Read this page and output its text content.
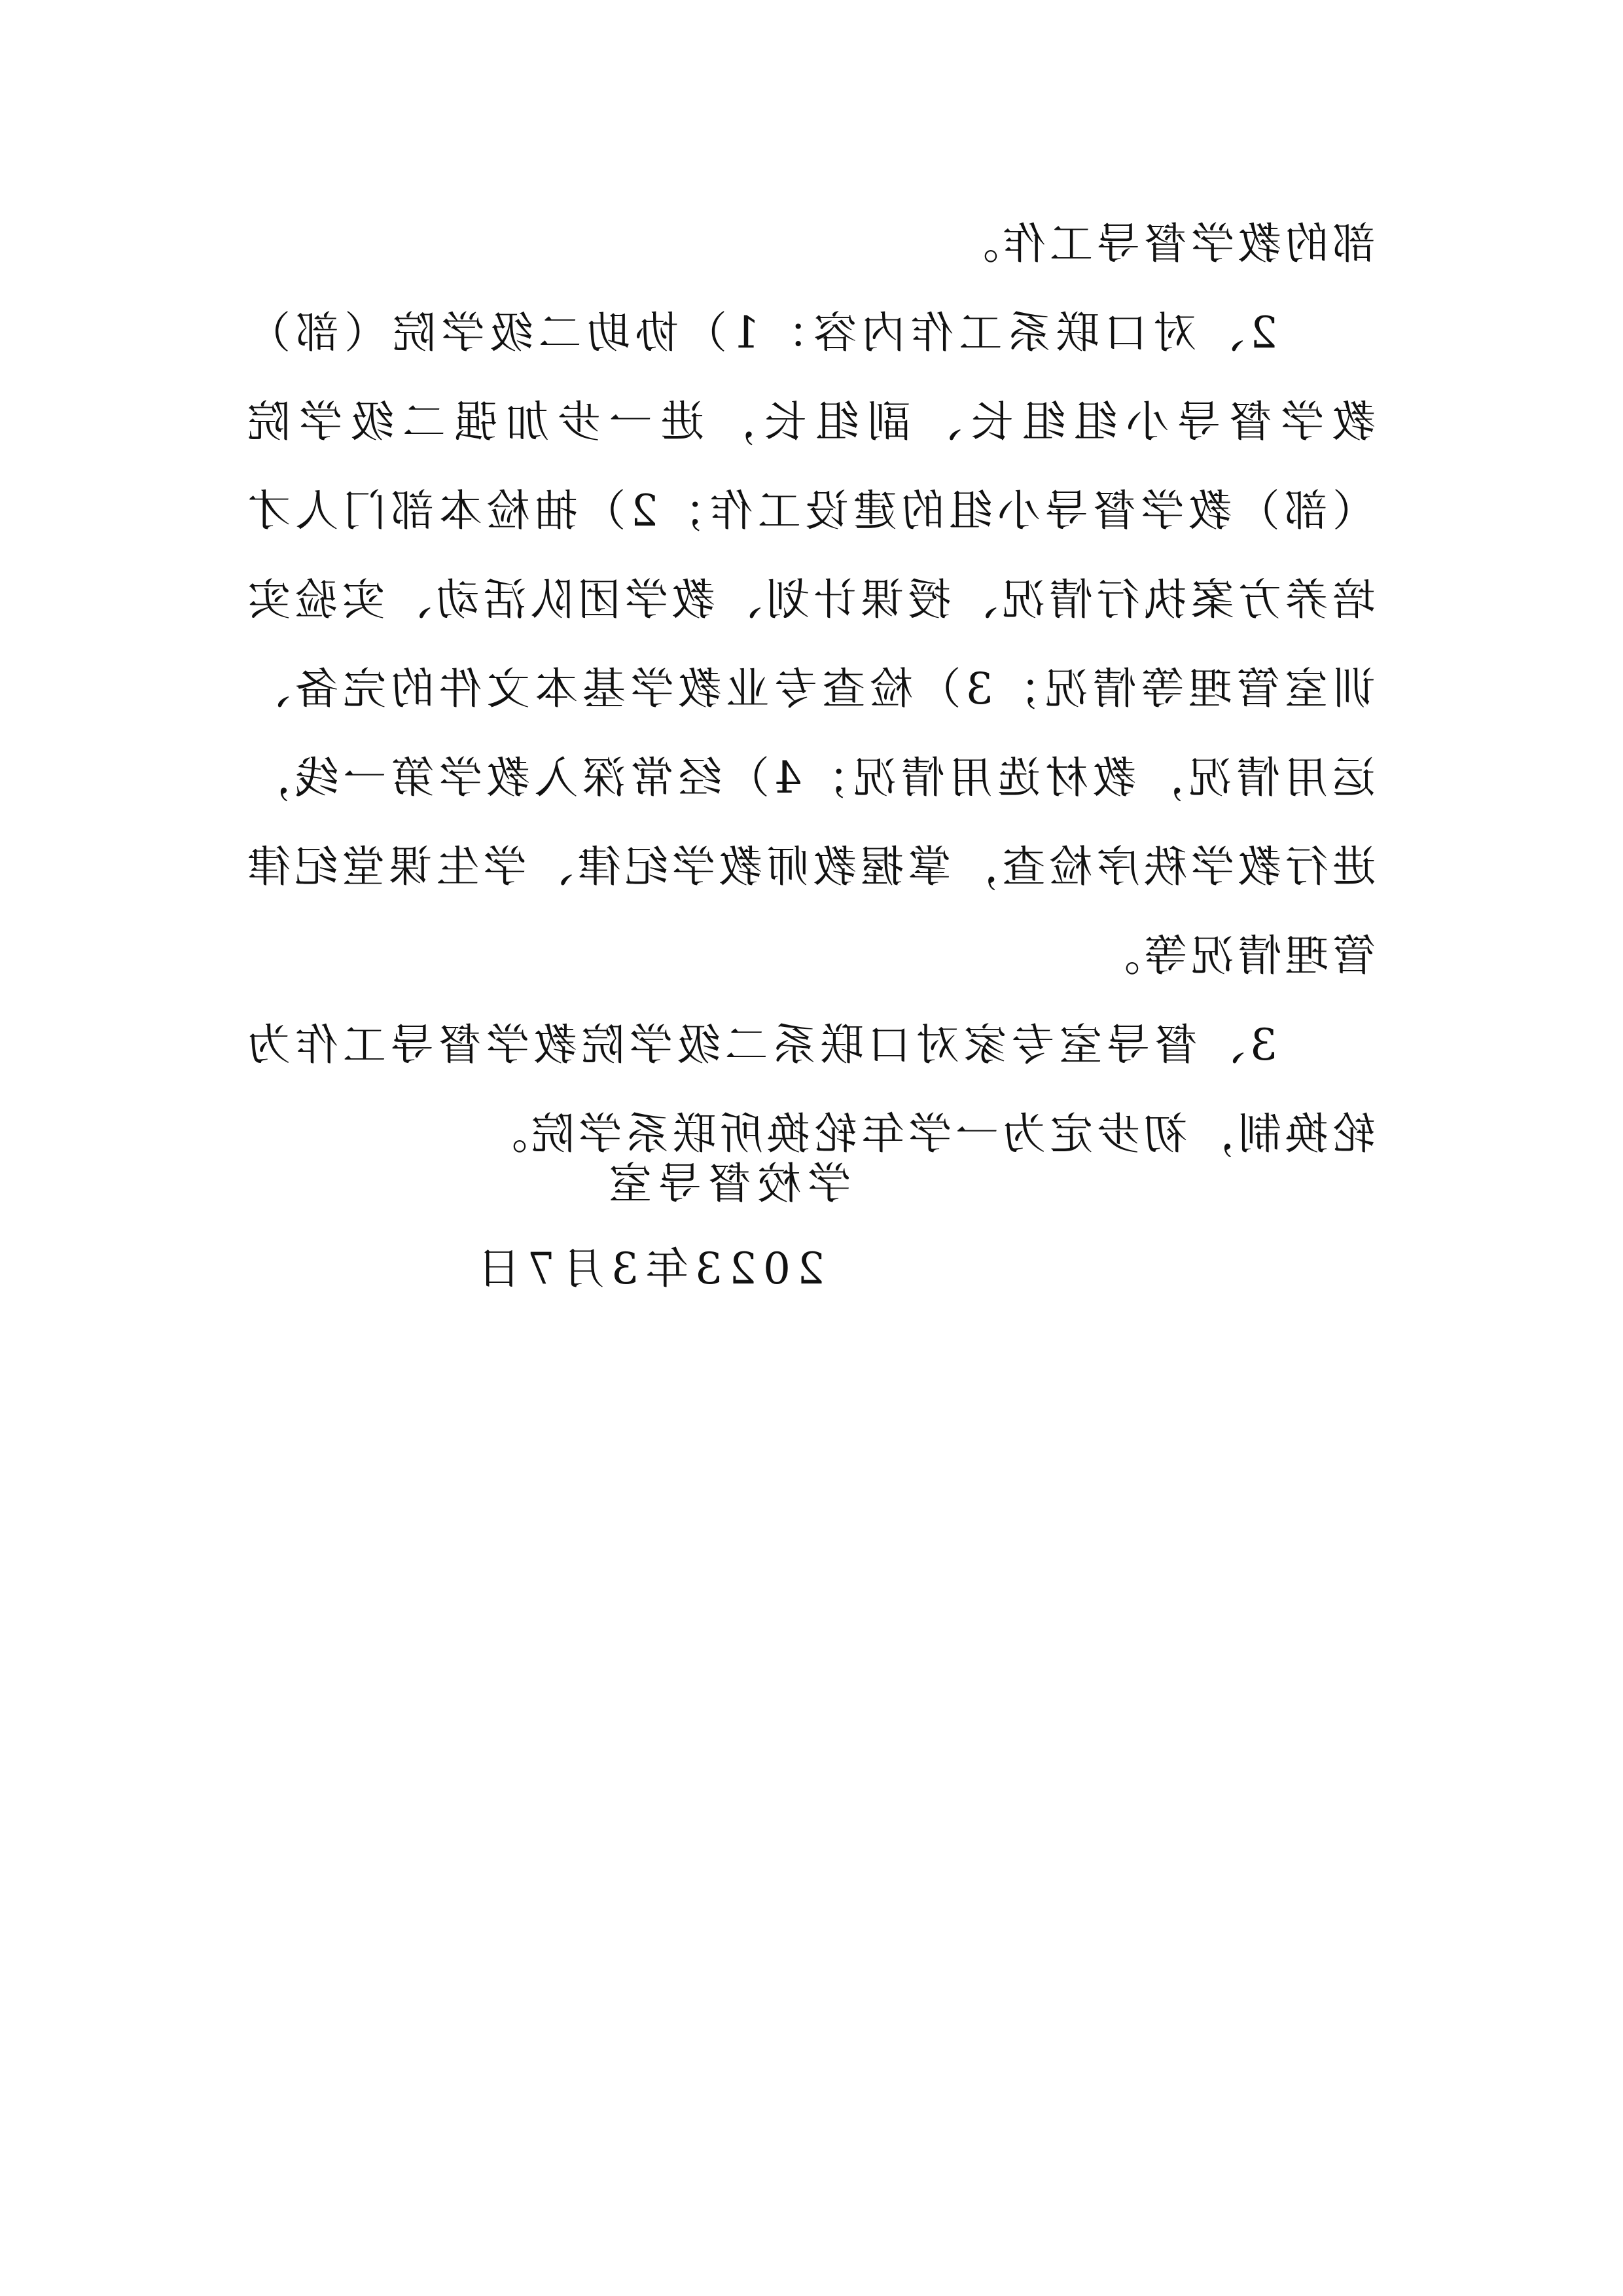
部的教学督导工作。

2、对口联系工作内容：1）协助二级学院（部）教学督导小组组长、副组长，进一步加强二级学院（部）教学督导小组的建设工作；2）抽检本部门人才培养方案执行情况、授课计划、教学团队活动、实验实训室管理等情况；3）检查专业教学基本文件的完备、运用情况，教材选用情况；4）经常深入教学第一线，进行教学秩序检查，掌握教师教学纪律、学生课堂纪律管理情况等。

3、督导室专家对口联系二级学院教学督导工作为轮换制，初步定为一学年轮换所联系学院。

学校督导室
2023年3月7日
